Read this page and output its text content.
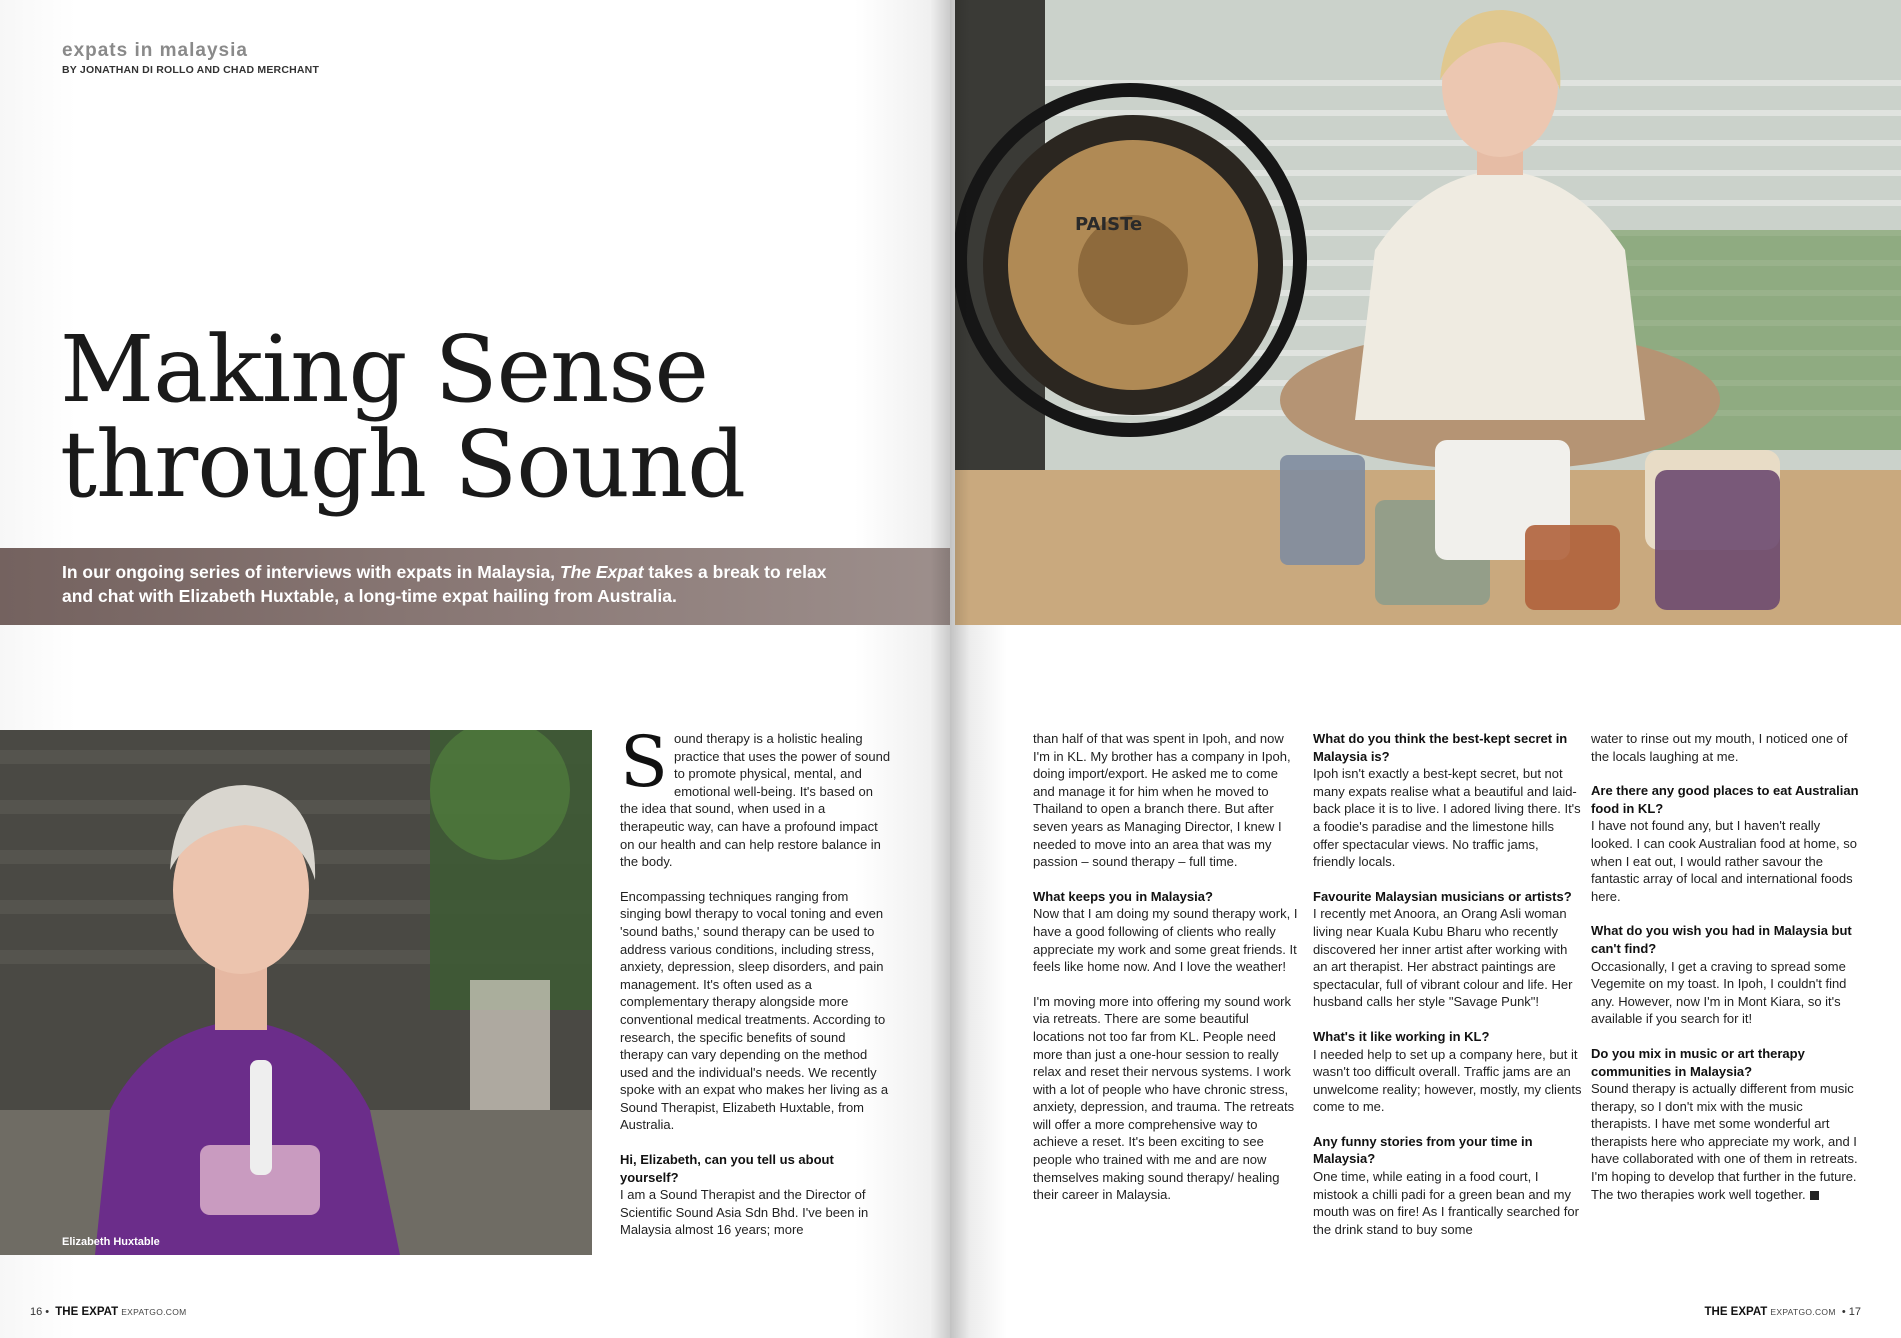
expats in malaysia
BY JONATHAN DI ROLLO AND CHAD MERCHANT
Making Sense through Sound
In our ongoing series of interviews with expats in Malaysia, The Expat takes a break to relax and chat with Elizabeth Huxtable, a long-time expat hailing from Australia.
Elizabeth Huxtable

Sound therapy is a holistic healing practice that uses the power of sound to promote physical, mental, and emotional well-being. It's based on the idea that sound, when used in a therapeutic way, can have a profound impact on our health and can help restore balance in the body.

Encompassing techniques ranging from singing bowl therapy to vocal toning and even 'sound baths,' sound therapy can be used to address various conditions, including stress, anxiety, depression, sleep disorders, and pain management. It's often used as a complementary therapy alongside more conventional medical treatments. According to research, the specific benefits of sound therapy can vary depending on the method used and the individual's needs. We recently spoke with an expat who makes her living as a Sound Therapist, Elizabeth Huxtable, from Australia.

Hi, Elizabeth, can you tell us about yourself?
I am a Sound Therapist and the Director of Scientific Sound Asia Sdn Bhd. I've been in Malaysia almost 16 years; more
16 •  THE EXPAT EXPATGO.COM	THE EXPAT EXPATGO.COM  • 17
PAISTe

than half of that was spent in Ipoh, and now I'm in KL. My brother has a company in Ipoh, doing import/export. He asked me to come and manage it for him when he moved to Thailand to open a branch there. But after seven years as Managing Director, I knew I needed to move into an area that was my passion – sound therapy – full time.

What keeps you in Malaysia?

Now that I am doing my sound therapy work, I have a good following of clients who really appreciate my work and some great friends. It feels like home now. And I love the weather!

I'm moving more into offering my sound work via retreats. There are some beautiful locations not too far from KL. People need more than just a one-hour session to really relax and reset their nervous systems. I work with a lot of people who have chronic stress, anxiety, depression, and trauma. The retreats will offer a more comprehensive way to achieve a reset. It's been exciting to see people who trained with me and are now themselves making sound therapy/ healing their career in Malaysia.

What do you think the best-kept secret in Malaysia is?

Ipoh isn't exactly a best-kept secret, but not many expats realise what a beautiful and laid-back place it is to live. I adored living there. It's a foodie's paradise and the limestone hills offer spectacular views. No traffic jams, friendly locals.

Favourite Malaysian musicians or artists?

I recently met Anoora, an Orang Asli woman living near Kuala Kubu Bharu who recently discovered her inner artist after working with an art therapist. Her abstract paintings are spectacular, full of vibrant colour and life. Her husband calls her style "Savage Punk"!

What's it like working in KL?

I needed help to set up a company here, but it wasn't too difficult overall. Traffic jams are an unwelcome reality; however, mostly, my clients come to me.

Any funny stories from your time in Malaysia?

One time, while eating in a food court, I mistook a chilli padi for a green bean and my mouth was on fire! As I frantically searched for the drink stand to buy some

water to rinse out my mouth, I noticed one of the locals laughing at me.

Are there any good places to eat Australian food in KL?

I have not found any, but I haven't really looked. I can cook Australian food at home, so when I eat out, I would rather savour the fantastic array of local and international foods here.

What do you wish you had in Malaysia but can't find?

Occasionally, I get a craving to spread some Vegemite on my toast. In Ipoh, I couldn't find any. However, now I'm in Mont Kiara, so it's available if you search for it!

Do you mix in music or art therapy communities in Malaysia?

Sound therapy is actually different from music therapy, so I don't mix with the music therapists. I have met some wonderful art therapists here who appreciate my work, and I have collaborated with one of them in retreats. I'm hoping to develop that further in the future. The two therapies work well together.
